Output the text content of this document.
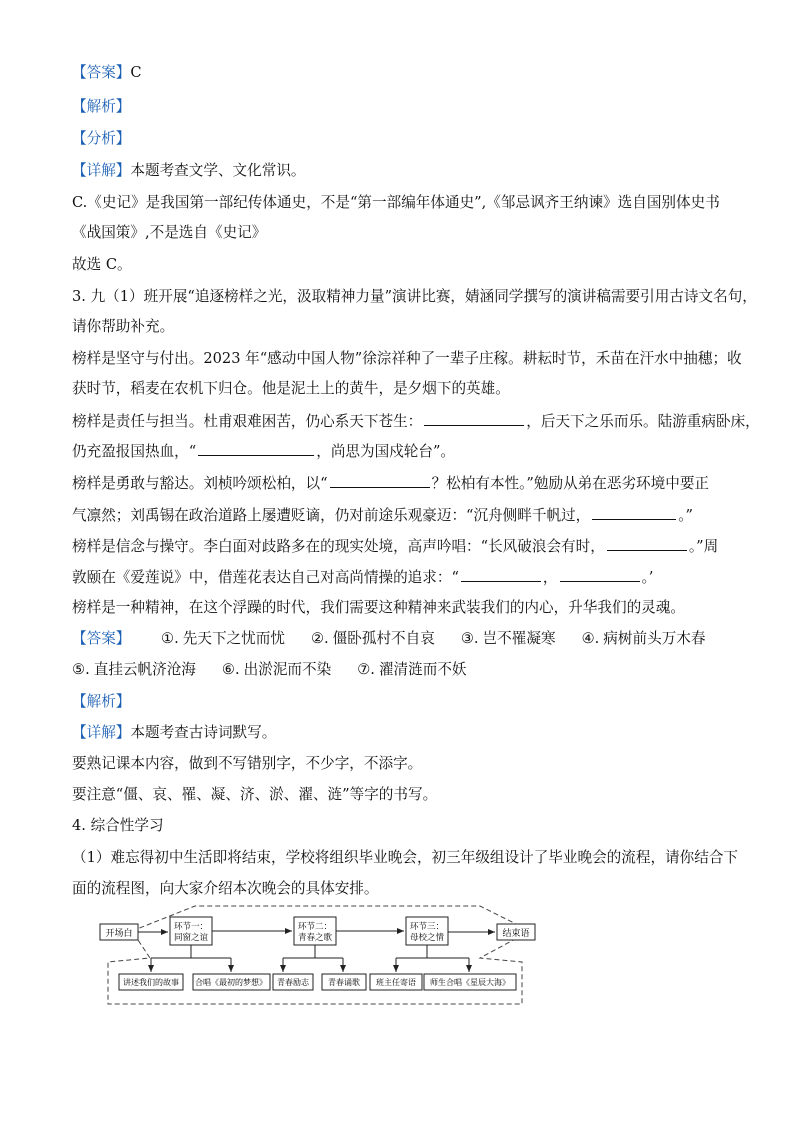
【答案】C
【解析】
【分析】
【详解】本题考查文学、文化常识。
C.《史记》是我国第一部纪传体通史，不是“第一部编年体通史”,《邹忌讽齐王纳谏》选自国别体史书
《战国策》,不是选自《史记》
故选 C。
3. 九（1）班开展“追逐榜样之光，汲取精神力量”演讲比赛，婧涵同学撰写的演讲稿需要引用古诗文名句，
请你帮助补充。
榜样是坚守与付出。2023 年“感动中国人物”徐淙祥种了一辈子庄稼。耕耘时节，禾苗在汗水中抽穗；收
获时节，稻麦在农机下归仓。他是泥土上的黄牛，是夕烟下的英雄。
榜样是责任与担当。杜甫艰难困苦，仍心系天下苍生：	，后天下之乐而乐。陆游重病卧床，
仍充盈报国热血，“	，尚思为国戍轮台”。
榜样是勇敢与豁达。刘桢吟颂松柏，以“	？松柏有本性。”勉励从弟在恶劣环境中要正
气凛然；刘禹锡在政治道路上屡遭贬谪，仍对前途乐观豪迈：“沉舟侧畔千帆过，	。”
榜样是信念与操守。李白面对歧路多在的现实处境，高声吟唱：“长风破浪会有时，	。”周
敦颐在《爱莲说》中，借莲花表达自己对高尚情操的追求：“	，	。’
榜样是一种精神，在这个浮躁的时代，我们需要这种精神来武装我们的内心，升华我们的灵魂。
【答案】 ①. 先天下之忧而忧 ②. 僵卧孤村不自哀 ③. 岂不罹凝寒 ④. 病树前头万木春
⑤. 直挂云帆济沧海 ⑥. 出淤泥而不染 ⑦. 濯清涟而不妖
【解析】
【详解】本题考查古诗词默写。
要熟记课本内容，做到不写错别字，不少字，不添字。
要注意“僵、哀、罹、凝、济、淤、濯、涟”等字的书写。
4. 综合性学习
（1）难忘得初中生活即将结束，学校将组织毕业晚会，初三年级组设计了毕业晚会的流程，请你结合下
面的流程图，向大家介绍本次晚会的具体安排。
开场白
环节一：
同窗之谊
环节二：
青春之歌
环节三：
母校之情	结束语
讲述我们的故事 合唱《最初的梦想》 青春励志 青春诵歌 班主任寄语 师生合唱《星辰大海》
